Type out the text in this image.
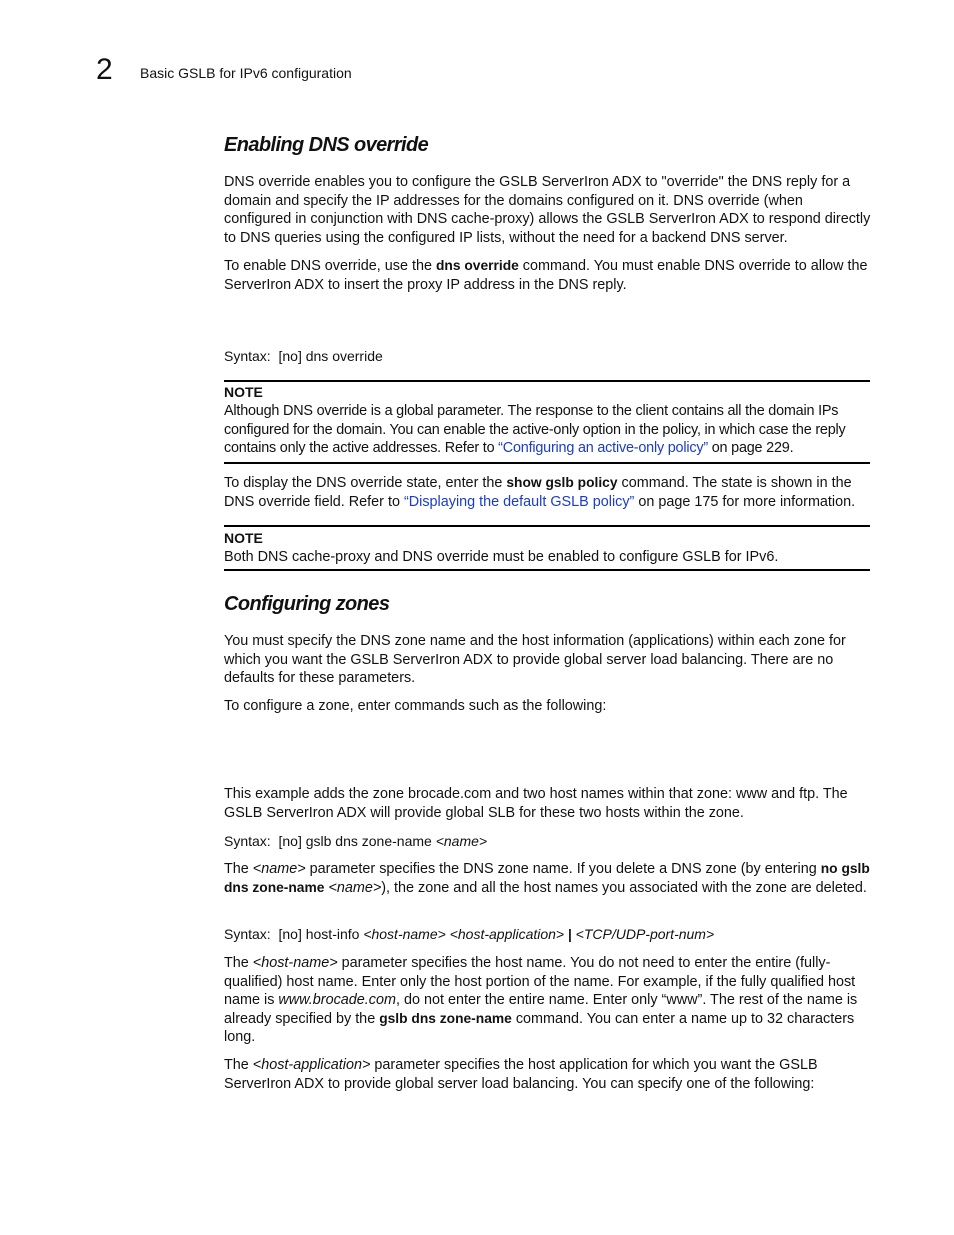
2 Basic GSLB for IPv6 configuration
Enabling DNS override
DNS override enables you to configure the GSLB ServerIron ADX to "override" the DNS reply for a domain and specify the IP addresses for the domains configured on it. DNS override (when configured in conjunction with DNS cache-proxy) allows the GSLB ServerIron ADX to respond directly to DNS queries using the configured IP lists, without the need for a backend DNS server.
To enable DNS override, use the dns override command. You must enable DNS override to allow the ServerIron ADX to insert the proxy IP address in the DNS reply.
Syntax: [no] dns override
NOTE
Although DNS override is a global parameter. The response to the client contains all the domain IPs configured for the domain. You can enable the active-only option in the policy, in which case the reply contains only the active addresses. Refer to “Configuring an active-only policy” on page 229.
To display the DNS override state, enter the show gslb policy command. The state is shown in the DNS override field. Refer to “Displaying the default GSLB policy” on page 175 for more information.
NOTE
Both DNS cache-proxy and DNS override must be enabled to configure GSLB for IPv6.
Configuring zones
You must specify the DNS zone name and the host information (applications) within each zone for which you want the GSLB ServerIron ADX to provide global server load balancing. There are no defaults for these parameters.
To configure a zone, enter commands such as the following:
This example adds the zone brocade.com and two host names within that zone: www and ftp. The GSLB ServerIron ADX will provide global SLB for these two hosts within the zone.
Syntax: [no] gslb dns zone-name <name>
The <name> parameter specifies the DNS zone name. If you delete a DNS zone (by entering no gslb dns zone-name <name>), the zone and all the host names you associated with the zone are deleted.
Syntax: [no] host-info <host-name> <host-application> | <TCP/UDP-port-num>
The <host-name> parameter specifies the host name. You do not need to enter the entire (fully-qualified) host name. Enter only the host portion of the name. For example, if the fully qualified host name is www.brocade.com, do not enter the entire name. Enter only “www”. The rest of the name is already specified by the gslb dns zone-name command. You can enter a name up to 32 characters long.
The <host-application> parameter specifies the host application for which you want the GSLB ServerIron ADX to provide global server load balancing. You can specify one of the following:
